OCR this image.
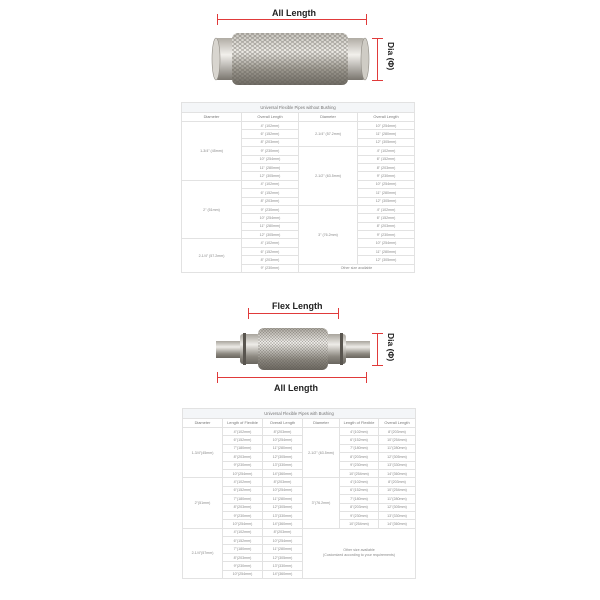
All Length
Dia (Φ)
Universal Flexible Pipes without Bushing			
Diameter	Overall Length	Diameter	Overall Length
1-3/4" (45mm)	4" (102mm)	2-1/4" (57.2mm)	10" (254mm)
	6" (152mm)		11" (280mm)
	8" (203mm)		12" (305mm)
	9" (230mm)	2-1/2" (63.5mm)	4" (102mm)
	10" (254mm)		6" (152mm)
	11" (280mm)		8" (203mm)
	12" (305mm)		9" (230mm)
2" (51mm)	4" (102mm)		10" (254mm)
	6" (152mm)		11" (280mm)
	8" (203mm)		12" (305mm)
	9" (230mm)	3" (76.2mm)	4" (102mm)
	10" (254mm)		6" (152mm)
	11" (280mm)		8" (203mm)
	12" (305mm)		9" (230mm)
2-1/4" (57.2mm)	4" (102mm)		10" (254mm)
	6" (152mm)		11" (280mm)
	8" (203mm)		12" (305mm)
	9" (230mm)	Other size available	
Flex Length
Dia (Φ)
All Length
Universal Flexible Pipes with Bushing					
Diameter	Length of Flexible	Overall Length	Diameter	Length of Flexible	Overall Length
1-3/4"(45mm)	4"(102mm)	8"(203mm)	2-1/2" (63.5mm)	4"(102mm)	8"(203mm)
	6"(152mm)	10"(254mm)		6"(152mm)	10"(254mm)
	7"(180mm)	11"(280mm)		7"(180mm)	11"(280mm)
	8"(203mm)	12"(305mm)		8"(203mm)	12"(305mm)
	9"(230mm)	13"(330mm)		9"(230mm)	13"(330mm)
	10"(254mm)	14"(360mm)		10"(254mm)	14"(360mm)
2"(51mm)	4"(102mm)	8"(203mm)	3"(76.2mm)	4"(102mm)	8"(203mm)
	6"(152mm)	10"(254mm)		6"(152mm)	10"(254mm)
	7"(180mm)	11"(280mm)		7"(180mm)	11"(280mm)
	8"(203mm)	12"(305mm)		8"(203mm)	12"(305mm)
	9"(230mm)	13"(330mm)		9"(230mm)	13"(330mm)
	10"(254mm)	14"(360mm)		10"(254mm)	14"(360mm)
2-1/4"(57mm)	4"(102mm)	8"(203mm)	Other size available
(Customized according to your requirements)		

	6"(152mm)	10"(254mm)			
	7"(180mm)	11"(280mm)			
	8"(203mm)	12"(305mm)			
	9"(230mm)	13"(330mm)			
	10"(254mm)	14"(360mm)			
